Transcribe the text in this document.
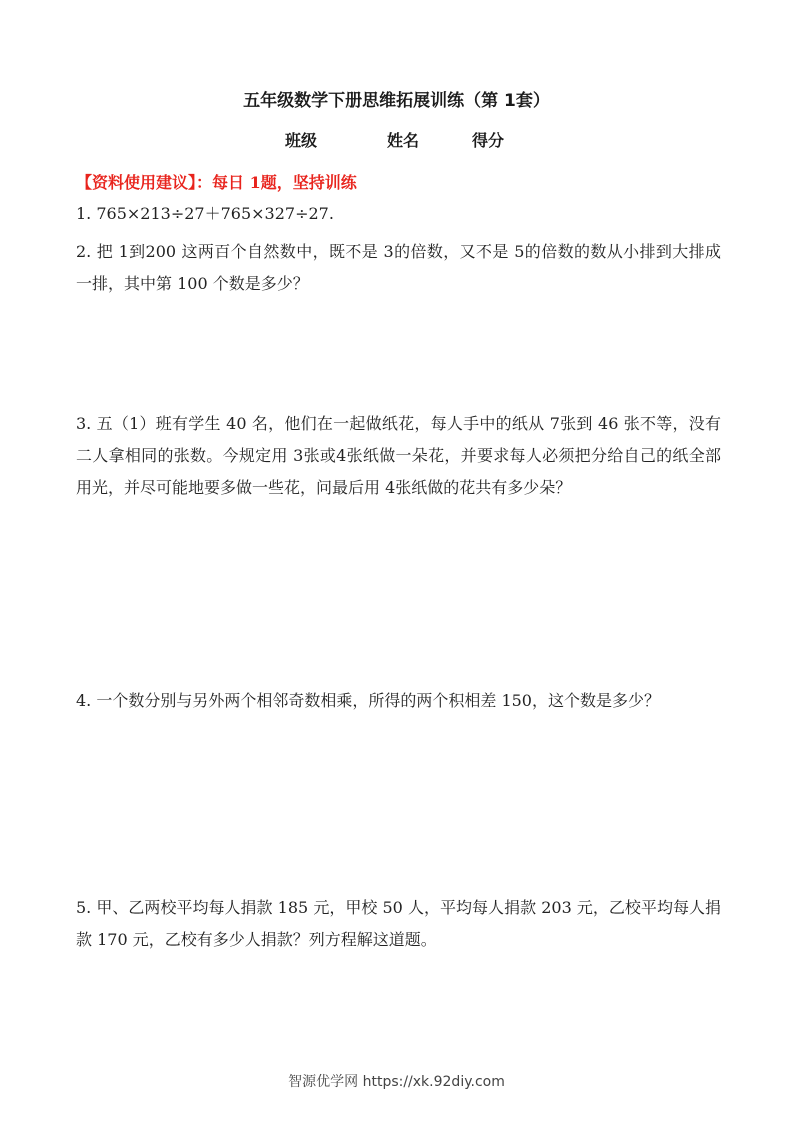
五年级数学下册思维拓展训练（第 1套）
班级	姓名	得分
【资料使用建议】：每日 1题，坚持训练
1. 765×213÷27＋765×327÷27.
2. 把 1到200 这两百个自然数中，既不是 3的倍数，又不是 5的倍数的数从小排到大排成一排，其中第 100 个数是多少？
3. 五（1）班有学生 40 名，他们在一起做纸花，每人手中的纸从 7张到 46 张不等，没有二人拿相同的张数。今规定用 3张或4张纸做一朵花，并要求每人必须把分给自己的纸全部用光，并尽可能地要多做一些花，问最后用 4张纸做的花共有多少朵？
4. 一个数分别与另外两个相邻奇数相乘，所得的两个积相差 150，这个数是多少？
5. 甲、乙两校平均每人捐款 185 元，甲校 50 人，平均每人捐款 203 元，乙校平均每人捐款 170 元，乙校有多少人捐款？列方程解这道题。
智源优学网 https://xk.92diy.com
